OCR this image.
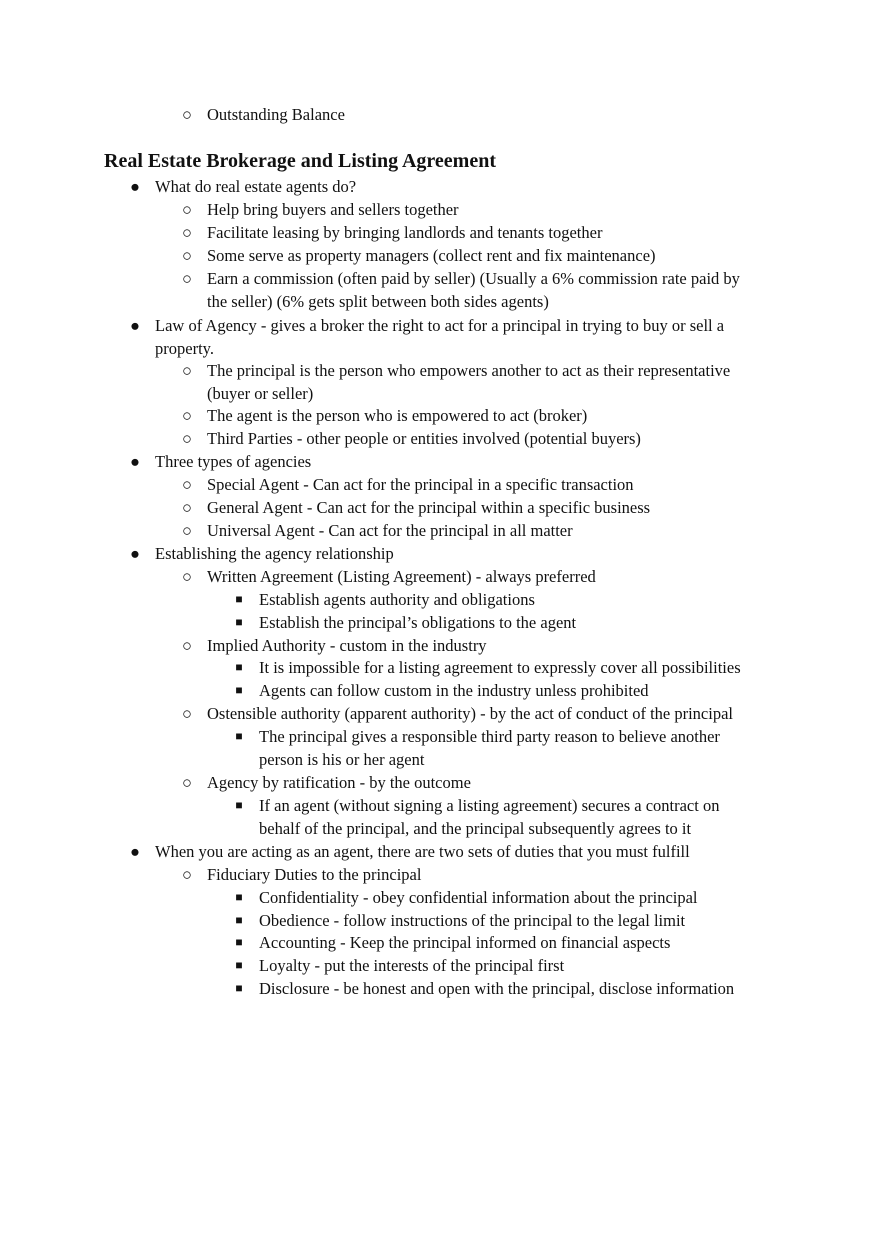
○ Outstanding Balance
Real Estate Brokerage and Listing Agreement
● What do real estate agents do?
○ Help bring buyers and sellers together
○ Facilitate leasing by bringing landlords and tenants together
○ Some serve as property managers (collect rent and fix maintenance)
○ Earn a commission (often paid by seller) (Usually a 6% commission rate paid by
the seller) (6% gets split between both sides agents)
● Law of Agency - gives a broker the right to act for a principal in trying to buy or sell a
property.
○ The principal is the person who empowers another to act as their representative
(buyer or seller)
○ The agent is the person who is empowered to act (broker)
○ Third Parties - other people or entities involved (potential buyers)
● Three types of agencies
○ Special Agent - Can act for the principal in a specific transaction
○ General Agent - Can act for the principal within a specific business
○ Universal Agent - Can act for the principal in all matter
● Establishing the agency relationship
○ Written Agreement (Listing Agreement) - always preferred
■ Establish agents authority and obligations
■ Establish the principal’s obligations to the agent
○ Implied Authority - custom in the industry
■ It is impossible for a listing agreement to expressly cover all possibilities
■ Agents can follow custom in the industry unless prohibited
○ Ostensible authority (apparent authority) - by the act of conduct of the principal
■ The principal gives a responsible third party reason to believe another
person is his or her agent
○ Agency by ratification - by the outcome
■ If an agent (without signing a listing agreement) secures a contract on
behalf of the principal, and the principal subsequently agrees to it
● When you are acting as an agent, there are two sets of duties that you must fulfill
○ Fiduciary Duties to the principal
■ Confidentiality - obey confidential information about the principal
■ Obedience - follow instructions of the principal to the legal limit
■ Accounting - Keep the principal informed on financial aspects
■ Loyalty - put the interests of the principal first
■ Disclosure - be honest and open with the principal, disclose information
